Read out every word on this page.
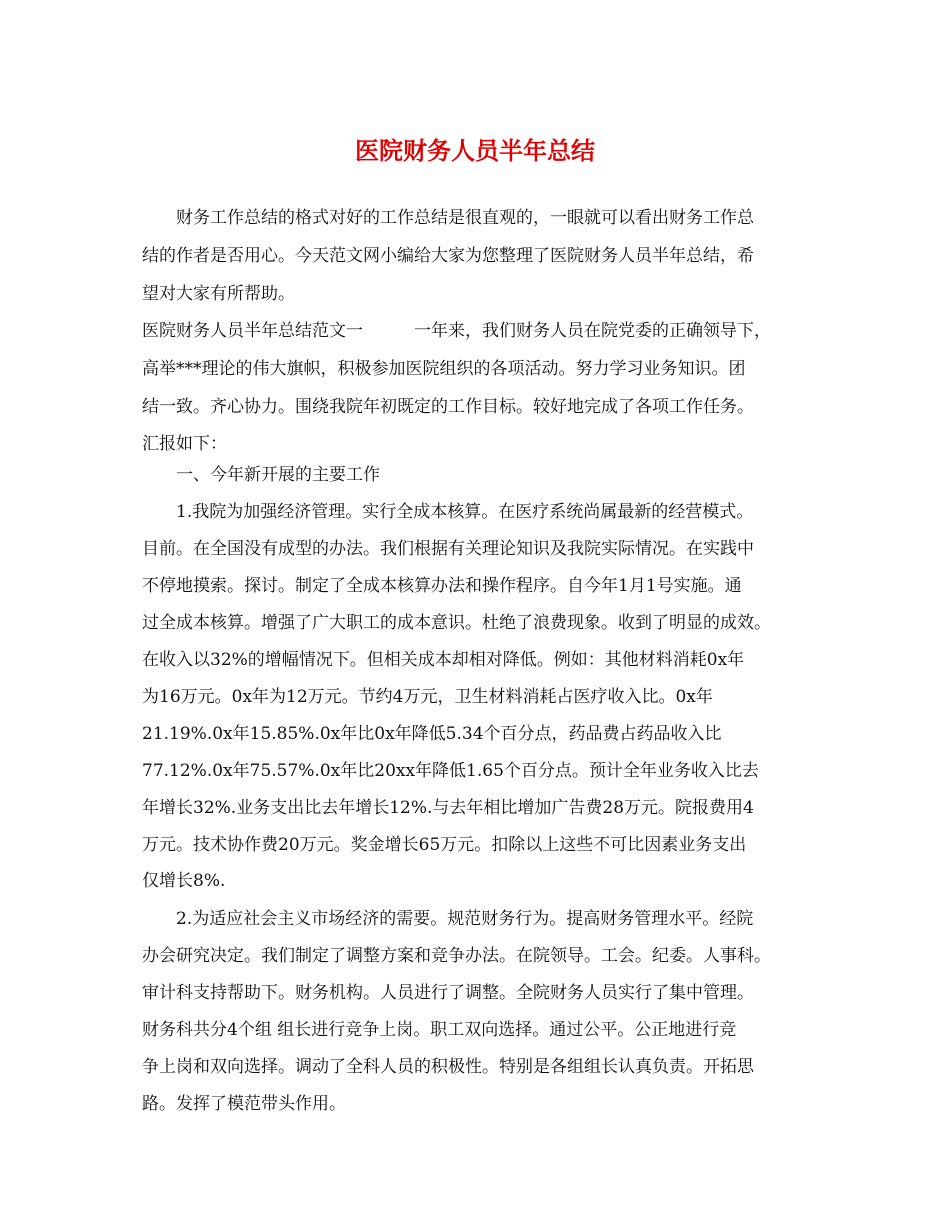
医院财务人员半年总结

财务工作总结的格式对好的工作总结是很直观的，一眼就可以看出财务工作总

结的作者是否用心。今天范文网小编给大家为您整理了医院财务人员半年总结，希

望对大家有所帮助。

医院财务人员半年总结范文一　　　一年来，我们财务人员在院党委的正确领导下，

高举***理论的伟大旗帜，积极参加医院组织的各项活动。努力学习业务知识。团

结一致。齐心协力。围绕我院年初既定的工作目标。较好地完成了各项工作任务。

汇报如下：

一、今年新开展的主要工作

1.我院为加强经济管理。实行全成本核算。在医疗系统尚属最新的经营模式。

目前。在全国没有成型的办法。我们根据有关理论知识及我院实际情况。在实践中

不停地摸索。探讨。制定了全成本核算办法和操作程序。自今年1月1号实施。通

过全成本核算。增强了广大职工的成本意识。杜绝了浪费现象。收到了明显的成效。

在收入以32%的增幅情况下。但相关成本却相对降低。例如：其他材料消耗0x年

为16万元。0x年为12万元。节约4万元，卫生材料消耗占医疗收入比。0x年

21.19%.0x年15.85%.0x年比0x年降低5.34个百分点，药品费占药品收入比

77.12%.0x年75.57%.0x年比20xx年降低1.65个百分点。预计全年业务收入比去

年增长32%.业务支出比去年增长12%.与去年相比增加广告费28万元。院报费用4

万元。技术协作费20万元。奖金增长65万元。扣除以上这些不可比因素业务支出

仅增长8%.

2.为适应社会主义市场经济的需要。规范财务行为。提高财务管理水平。经院

办会研究决定。我们制定了调整方案和竞争办法。在院领导。工会。纪委。人事科。

审计科支持帮助下。财务机构。人员进行了调整。全院财务人员实行了集中管理。

财务科共分4个组 组长进行竞争上岗。职工双向选择。通过公平。公正地进行竞

争上岗和双向选择。调动了全科人员的积极性。特别是各组组长认真负责。开拓思

路。发挥了模范带头作用。
